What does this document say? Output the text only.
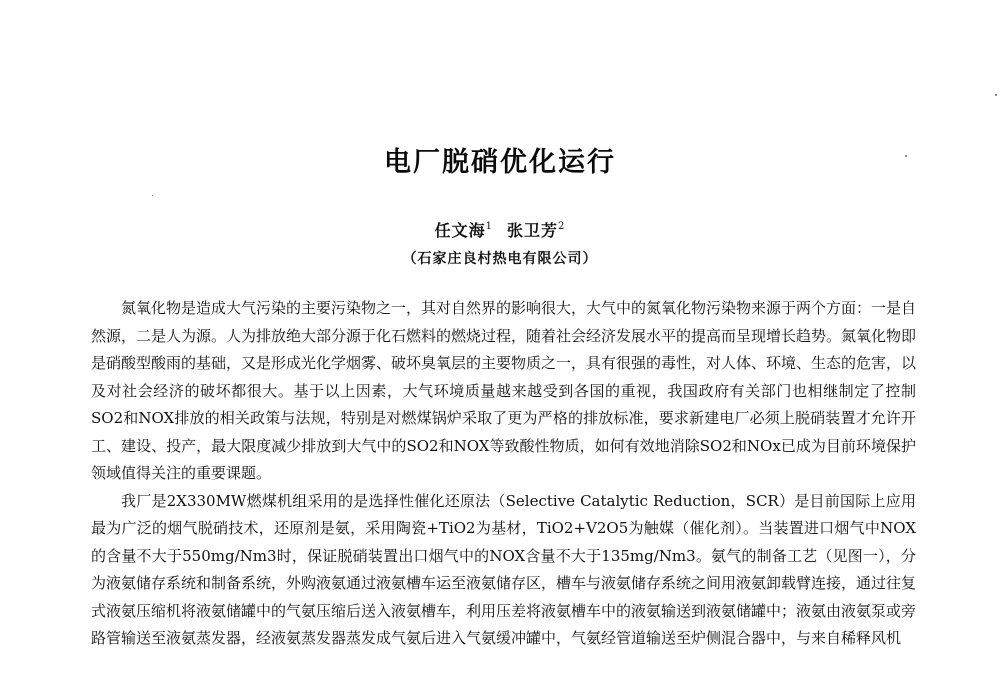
电厂脱硝优化运行
任文海$^1$ 张卫芳$^2$
（石家庄良村热电有限公司）

氮氧化物是造成大气污染的主要污染物之一，其对自然界的影响很大，大气中的氮氧化物污染物来源于两个方面：一是自然源，二是人为源。人为排放绝大部分源于化石燃料的燃烧过程，随着社会经济发展水平的提高而呈现增长趋势。氮氧化物即是硝酸型酸雨的基础，又是形成光化学烟雾、破坏臭氧层的主要物质之一，具有很强的毒性，对人体、环境、生态的危害，以及对社会经济的破坏都很大。基于以上因素，大气环境质量越来越受到各国的重视，我国政府有关部门也相继制定了控制SO2和NOX排放的相关政策与法规，特别是对燃煤锅炉采取了更为严格的排放标准，要求新建电厂必须上脱硝装置才允许开工、建设、投产，最大限度减少排放到大气中的SO2和NOX等致酸性物质，如何有效地消除SO2和NOx已成为目前环境保护领域值得关注的重要课题。

我厂是2X330MW燃煤机组采用的是选择性催化还原法（Selective Catalytic Reduction，SCR）是目前国际上应用最为广泛的烟气脱硝技术，还原剂是氨，采用陶瓷+TiO2为基材，TiO2+V2O5为触媒（催化剂）。当装置进口烟气中NOX的含量不大于550mg/Nm3时，保证脱硝装置出口烟气中的NOX含量不大于135mg/Nm3。氨气的制备工艺（见图一），分为液氨储存系统和制备系统，外购液氨通过液氨槽车运至液氨储存区，槽车与液氨储存系统之间用液氨卸载臂连接，通过往复式液氨压缩机将液氨储罐中的气氨压缩后送入液氨槽车，利用压差将液氨槽车中的液氨输送到液氨储罐中；液氨由液氨泵或旁路管输送至液氨蒸发器，经液氨蒸发器蒸发成气氨后进入气氨缓冲罐中，气氨经管道输送至炉侧混合器中，与来自稀释风机
